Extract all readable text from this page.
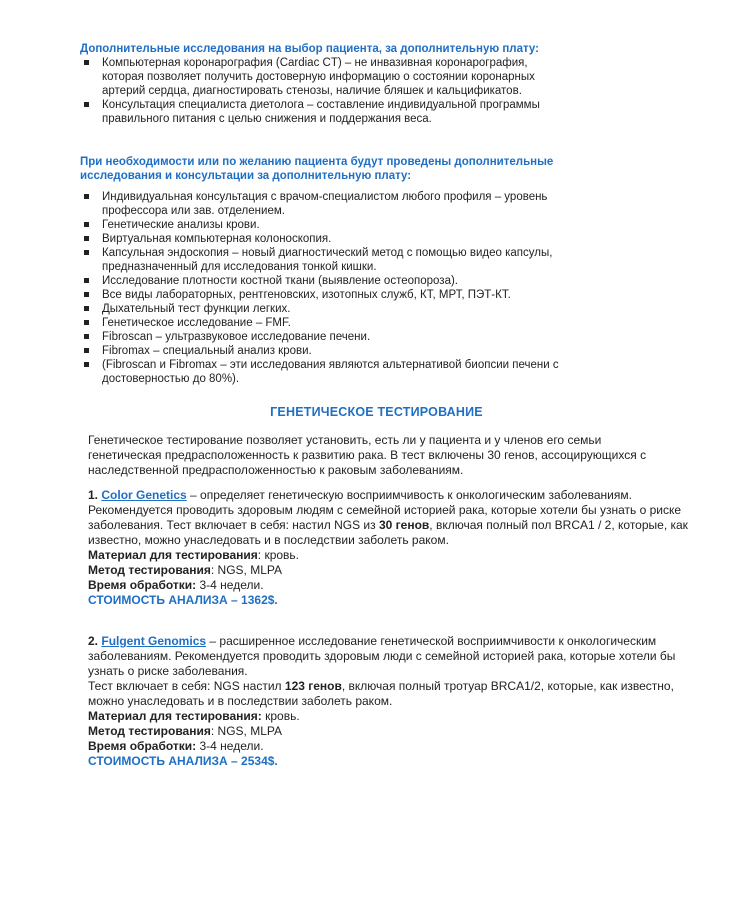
Дополнительные исследования на выбор пациента, за дополнительную плату:
Компьютерная коронарография (Cardiac CT) – не инвазивная коронарография, которая позволяет получить достоверную информацию о состоянии коронарных артерий сердца, диагностировать стенозы, наличие бляшек и кальцификатов.
Консультация специалиста диетолога – составление индивидуальной программы правильного питания с целью снижения и поддержания веса.
При необходимости или по желанию пациента будут проведены дополнительные исследования и консультации за дополнительную плату:
Индивидуальная консультация с врачом-специалистом любого профиля – уровень профессора или зав. отделением.
Генетические анализы крови.
Виртуальная компьютерная колоноскопия.
Капсульная эндоскопия – новый диагностический метод с помощью видео капсулы, предназначенный для исследования тонкой кишки.
Исследование плотности костной ткани (выявление остеопороза).
Все виды лабораторных, рентгеновских, изотопных служб, КТ, МРТ, ПЭТ-КТ.
Дыхательный тест функции легких.
Генетическое исследование – FMF.
Fibroscan – ультразвуковое исследование печени.
Fibromax – специальный анализ крови.
(Fibroscan и Fibromax – эти исследования являются альтернативой биопсии печени с достоверностью до 80%).
ГЕНЕТИЧЕСКОЕ ТЕСТИРОВАНИЕ

Генетическое тестирование позволяет установить, есть ли у пациента и у членов его семьи генетическая предрасположенность к развитию рака. В тест включены 30 генов, ассоцирующихся с наследственной предрасположенностью к раковым заболеваниям.

1. Color Genetics – определяет генетическую восприимчивость к онкологическим заболеваниям. Рекомендуется проводить здоровым людям с семейной историей рака, которые хотели бы узнать о риске заболевания. Тест включает в себя: настил NGS из 30 генов, включая полный пол BRCA1 / 2, которые, как известно, можно унаследовать и в последствии заболеть раком.

Материал для тестирования: кровь.

Метод тестирования: NGS, MLPA

Время обработки: 3-4 недели.

СТОИМОСТЬ АНАЛИЗА – 1362$.

2. Fulgent Genomics – расширенное исследование генетической восприимчивости к онкологическим заболеваниям. Рекомендуется проводить здоровым люди с семейной историей рака, которые хотели бы узнать о риске заболевания.

Тест включает в себя: NGS настил 123 генов, включая полный тротуар BRCA1/2, которые, как известно, можно унаследовать и в последствии заболеть раком.

Материал для тестирования: кровь.

Метод тестирования: NGS, MLPA

Время обработки: 3-4 недели.

СТОИМОСТЬ АНАЛИЗА – 2534$.
